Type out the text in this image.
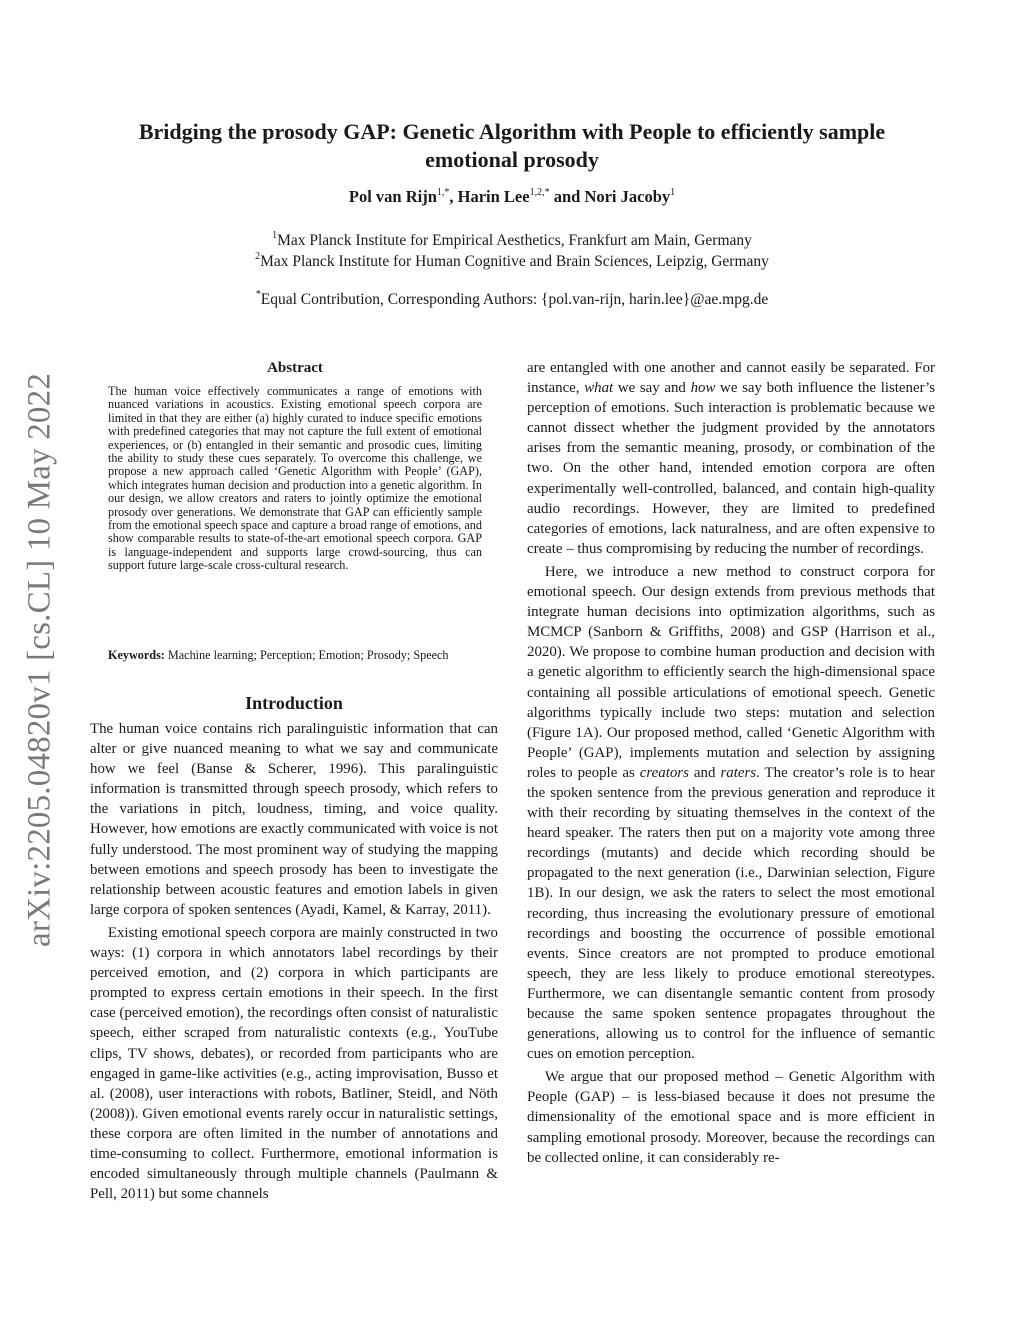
arXiv:2205.04820v1 [cs.CL] 10 May 2022
Bridging the prosody GAP: Genetic Algorithm with People to efficiently sample emotional prosody
Pol van Rijn$^{1,*}$, Harin Lee$^{1,2,*}$ and Nori Jacoby$^1$
$^1$Max Planck Institute for Empirical Aesthetics, Frankfurt am Main, Germany
$^2$Max Planck Institute for Human Cognitive and Brain Sciences, Leipzig, Germany
*Equal Contribution, Corresponding Authors: {pol.van-rijn, harin.lee}@ae.mpg.de
Abstract

The human voice effectively communicates a range of emotions with nuanced variations in acoustics. Existing emotional speech corpora are limited in that they are either (a) highly curated to induce specific emotions with predefined categories that may not capture the full extent of emotional experiences, or (b) entangled in their semantic and prosodic cues, limiting the ability to study these cues separately. To overcome this challenge, we propose a new approach called ‘Genetic Algorithm with People’ (GAP), which integrates human decision and production into a genetic algorithm. In our design, we allow creators and raters to jointly optimize the emotional prosody over generations. We demonstrate that GAP can efficiently sample from the emotional speech space and capture a broad range of emotions, and show comparable results to state-of-the-art emotional speech corpora. GAP is language-independent and supports large crowd-sourcing, thus can support future large-scale cross-cultural research.

Keywords: Machine learning; Perception; Emotion; Prosody; Speech

Introduction

The human voice contains rich paralinguistic information that can alter or give nuanced meaning to what we say and communicate how we feel (Banse & Scherer, 1996). This paralinguistic information is transmitted through speech prosody, which refers to the variations in pitch, loudness, timing, and voice quality. However, how emotions are exactly communicated with voice is not fully understood. The most prominent way of studying the mapping between emotions and speech prosody has been to investigate the relationship between acoustic features and emotion labels in given large corpora of spoken sentences (Ayadi, Kamel, & Karray, 2011).

Existing emotional speech corpora are mainly constructed in two ways: (1) corpora in which annotators label recordings by their perceived emotion, and (2) corpora in which participants are prompted to express certain emotions in their speech. In the first case (perceived emotion), the recordings often consist of naturalistic speech, either scraped from naturalistic contexts (e.g., YouTube clips, TV shows, debates), or recorded from participants who are engaged in game-like activities (e.g., acting improvisation, Busso et al. (2008), user interactions with robots, Batliner, Steidl, and Nöth (2008)). Given emotional events rarely occur in naturalistic settings, these corpora are often limited in the number of annotations and time-consuming to collect. Furthermore, emotional information is encoded simultaneously through multiple channels (Paulmann & Pell, 2011) but some channels

are entangled with one another and cannot easily be separated. For instance, what we say and how we say both influence the listener’s perception of emotions. Such interaction is problematic because we cannot dissect whether the judgment provided by the annotators arises from the semantic meaning, prosody, or combination of the two. On the other hand, intended emotion corpora are often experimentally well-controlled, balanced, and contain high-quality audio recordings. However, they are limited to predefined categories of emotions, lack naturalness, and are often expensive to create – thus compromising by reducing the number of recordings.

Here, we introduce a new method to construct corpora for emotional speech. Our design extends from previous methods that integrate human decisions into optimization algorithms, such as MCMCP (Sanborn & Griffiths, 2008) and GSP (Harrison et al., 2020). We propose to combine human production and decision with a genetic algorithm to efficiently search the high-dimensional space containing all possible articulations of emotional speech. Genetic algorithms typically include two steps: mutation and selection (Figure 1A). Our proposed method, called ‘Genetic Algorithm with People’ (GAP), implements mutation and selection by assigning roles to people as creators and raters. The creator’s role is to hear the spoken sentence from the previous generation and reproduce it with their recording by situating themselves in the context of the heard speaker. The raters then put on a majority vote among three recordings (mutants) and decide which recording should be propagated to the next generation (i.e., Darwinian selection, Figure 1B). In our design, we ask the raters to select the most emotional recording, thus increasing the evolutionary pressure of emotional recordings and boosting the occurrence of possible emotional events. Since creators are not prompted to produce emotional speech, they are less likely to produce emotional stereotypes. Furthermore, we can disentangle semantic content from prosody because the same spoken sentence propagates throughout the generations, allowing us to control for the influence of semantic cues on emotion perception.

We argue that our proposed method – Genetic Algorithm with People (GAP) – is less-biased because it does not presume the dimensionality of the emotional space and is more efficient in sampling emotional prosody. Moreover, because the recordings can be collected online, it can considerably re-
